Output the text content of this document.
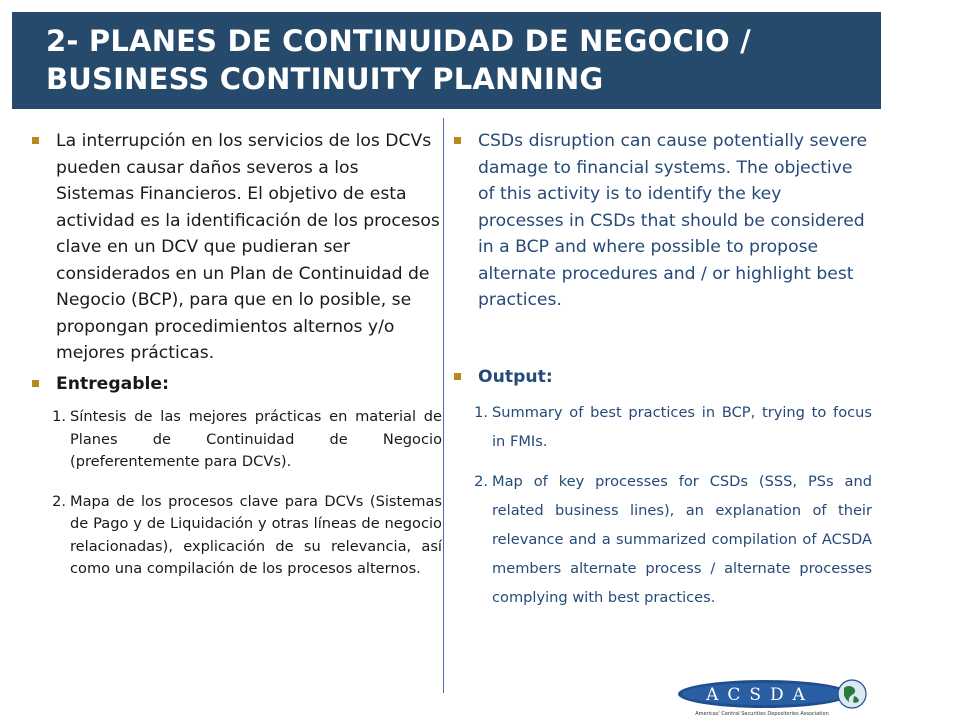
2- PLANES DE CONTINUIDAD DE NEGOCIO /
BUSINESS CONTINUITY PLANNING
La interrupción en los servicios de los DCVs pueden causar daños severos a los Sistemas Financieros. El objetivo de esta actividad es la identificación de los procesos clave en un DCV que pudieran ser considerados en un Plan de Continuidad de Negocio (BCP), para que en lo posible, se propongan procedimientos alternos y/o mejores prácticas.
Entregable:
1. Síntesis de las mejores prácticas en material de Planes de Continuidad de Negocio (preferentemente para DCVs).
2. Mapa de los procesos clave para DCVs (Sistemas de Pago y de Liquidación y otras líneas de negocio relacionadas), explicación de su relevancia, así como una compilación de los procesos alternos.
CSDs disruption can cause potentially severe damage to financial systems. The objective of this activity is to identify the key processes in CSDs that should be considered in a BCP and where possible to propose alternate procedures and / or highlight best practices.
Output:
1. Summary of best practices in BCP, trying to focus in FMIs.
2. Map of key processes for CSDs (SSS, PSs and related business lines), an explanation of their relevance and a summarized compilation of ACSDA members alternate process / alternate processes complying with best practices.
ACSDA
Americas' Central Securities Depositories Association
